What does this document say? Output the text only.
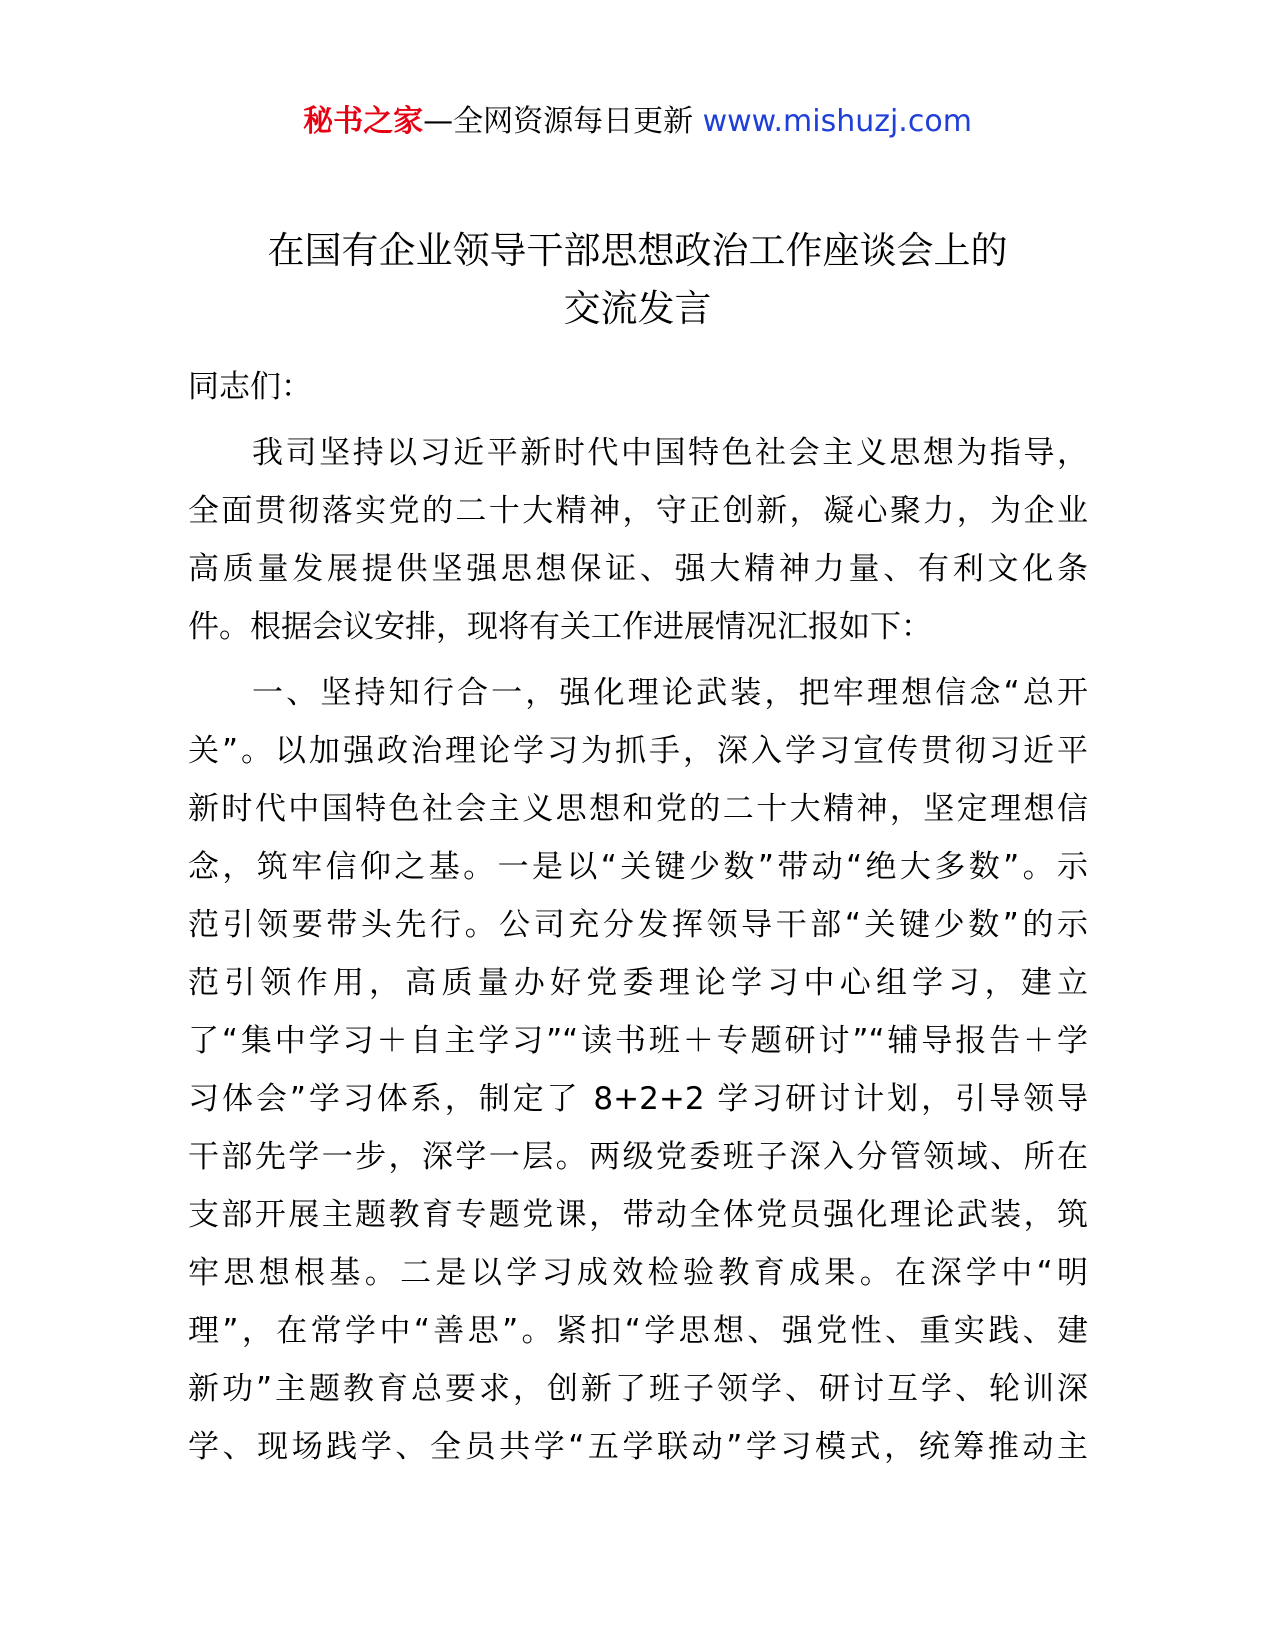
秘书之家—全网资源每日更新 www.mishuzj.com
在国有企业领导干部思想政治工作座谈会上的
交流发言
同志们：
我司坚持以习近平新时代中国特色社会主义思想为指导，
全面贯彻落实党的二十大精神，守正创新，凝心聚力，为企业
高质量发展提供坚强思想保证、强大精神力量、有利文化条
件。根据会议安排，现将有关工作进展情况汇报如下：
一、坚持知行合一，强化理论武装，把牢理想信念“总开
关”。以加强政治理论学习为抓手，深入学习宣传贯彻习近平
新时代中国特色社会主义思想和党的二十大精神，坚定理想信
念，筑牢信仰之基。一是以“关键少数”带动“绝大多数”。示
范引领要带头先行。公司充分发挥领导干部“关键少数”的示
范引领作用，高质量办好党委理论学习中心组学习，建立
了“集中学习＋自主学习”“读书班＋专题研讨”“辅导报告＋学
习体会”学习体系，制定了 8+2+2 学习研讨计划，引导领导
干部先学一步，深学一层。两级党委班子深入分管领域、所在
支部开展主题教育专题党课，带动全体党员强化理论武装，筑
牢思想根基。二是以学习成效检验教育成果。在深学中“明
理”，在常学中“善思”。紧扣“学思想、强党性、重实践、建
新功”主题教育总要求，创新了班子领学、研讨互学、轮训深
学、现场践学、全员共学“五学联动”学习模式，统筹推动主
